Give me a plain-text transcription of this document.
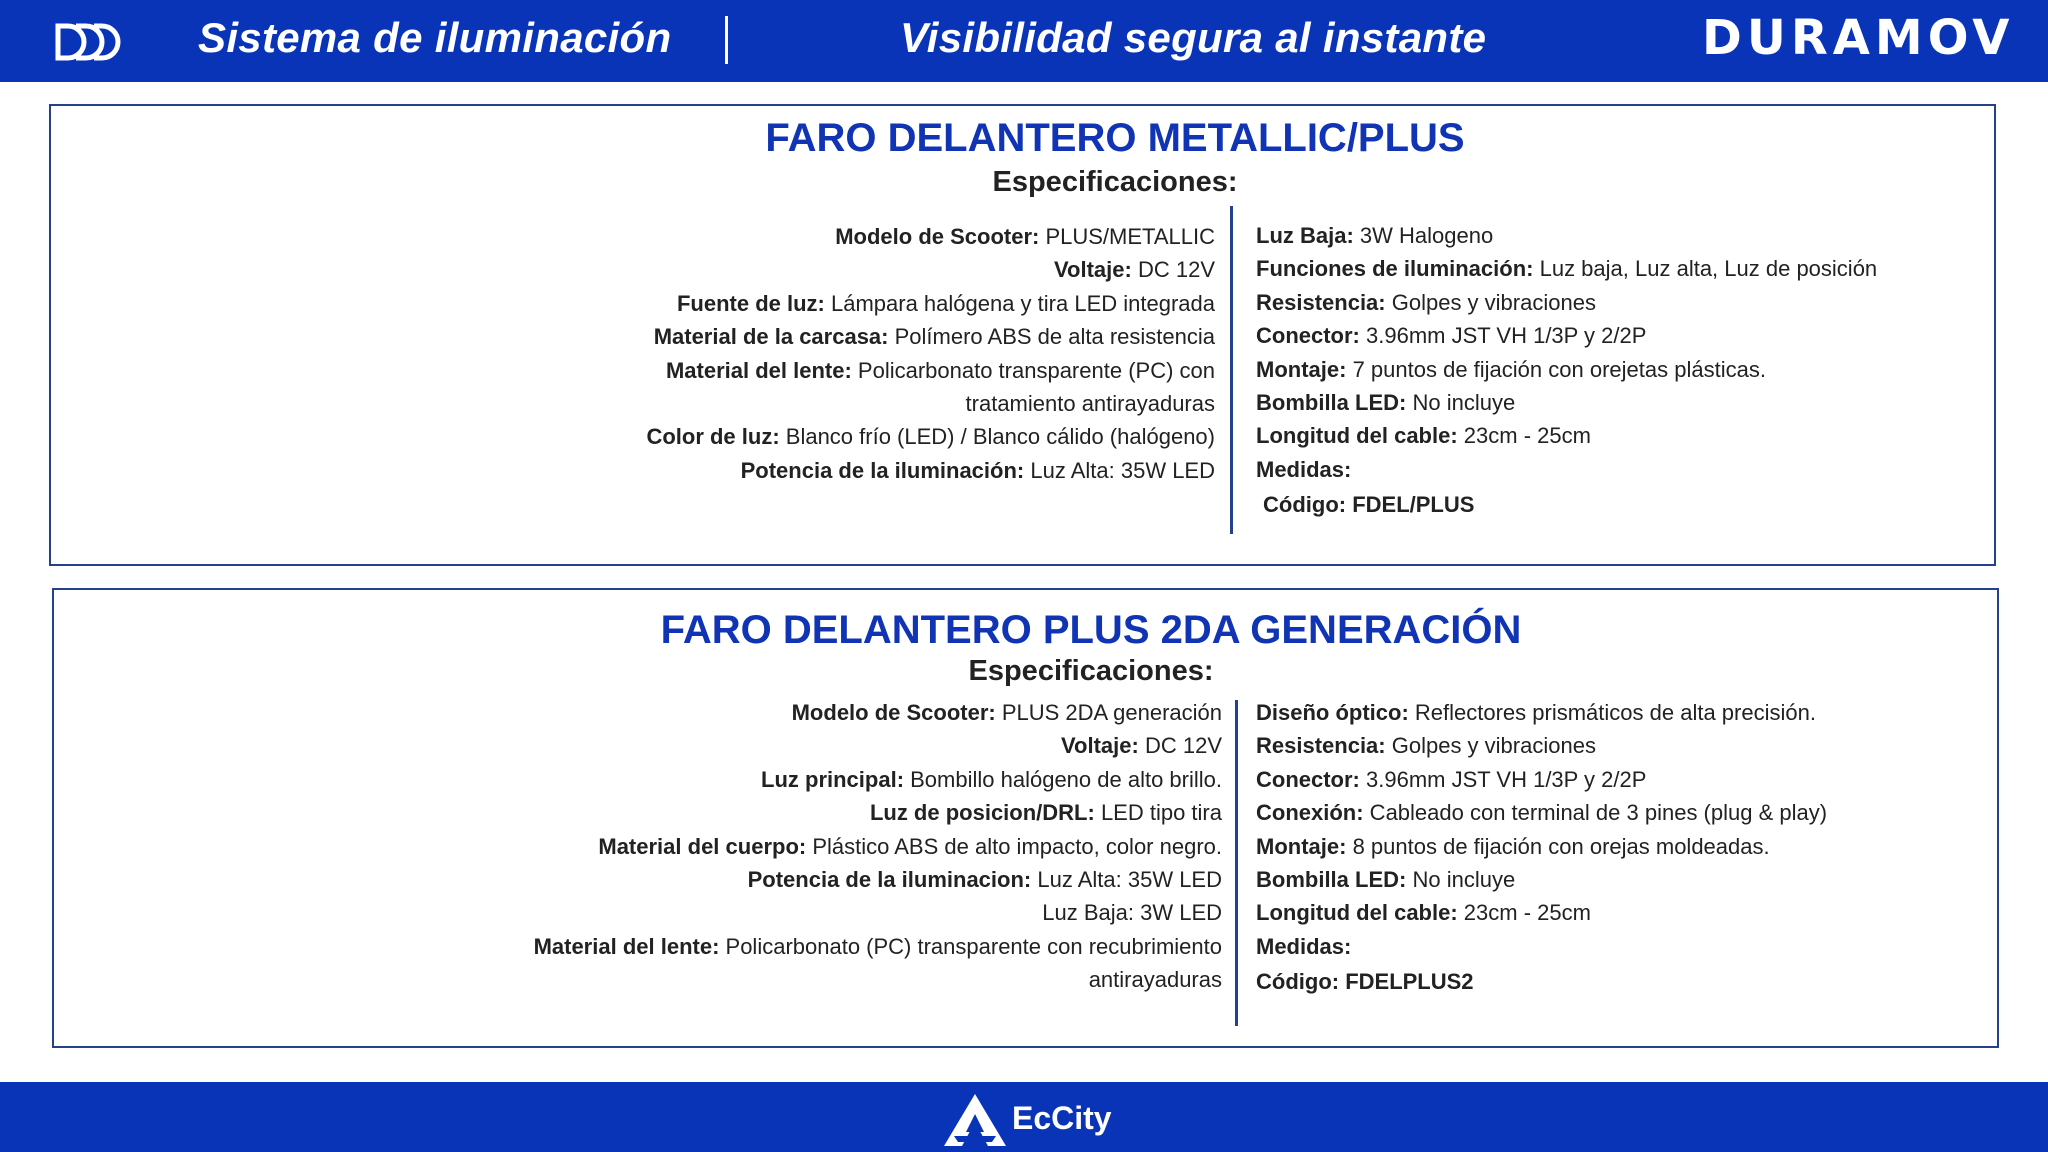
Sistema de iluminación	Visibilidad segura al instante	DURAMOV
FARO DELANTERO METALLIC/PLUS
Especificaciones:
Modelo de Scooter: PLUS/METALLIC
Voltaje: DC 12V
Fuente de luz: Lámpara halógena y tira LED integrada
Material de la carcasa: Polímero ABS de alta resistencia
Material del lente: Policarbonato transparente (PC) con
tratamiento antirayaduras
Color de luz: Blanco frío (LED) / Blanco cálido (halógeno)
Potencia de la iluminación: Luz Alta: 35W LED
Luz Baja: 3W Halogeno
Funciones de iluminación: Luz baja, Luz alta, Luz de posición
Resistencia: Golpes y vibraciones
Conector: 3.96mm JST VH 1/3P y 2/2P
Montaje: 7 puntos de fijación con orejetas plásticas.
Bombilla LED: No incluye
Longitud del cable: 23cm - 25cm
Medidas:
Código: FDEL/PLUS
FARO DELANTERO PLUS 2DA GENERACIÓN
Especificaciones:
Modelo de Scooter: PLUS 2DA generación
Voltaje: DC 12V
Luz principal: Bombillo halógeno de alto brillo.
Luz de posicion/DRL: LED tipo tira
Material del cuerpo: Plástico ABS de alto impacto, color negro.
Potencia de la iluminacion: Luz Alta: 35W LED
Luz Baja: 3W LED
Material del lente: Policarbonato (PC) transparente con recubrimiento
antirayaduras
Diseño óptico: Reflectores prismáticos de alta precisión.
Resistencia: Golpes y vibraciones
Conector: 3.96mm JST VH 1/3P y 2/2P
Conexión: Cableado con terminal de 3 pines (plug & play)
Montaje: 8 puntos de fijación con orejas moldeadas.
Bombilla LED: No incluye
Longitud del cable: 23cm - 25cm
Medidas:
Código: FDELPLUS2
EcCity
